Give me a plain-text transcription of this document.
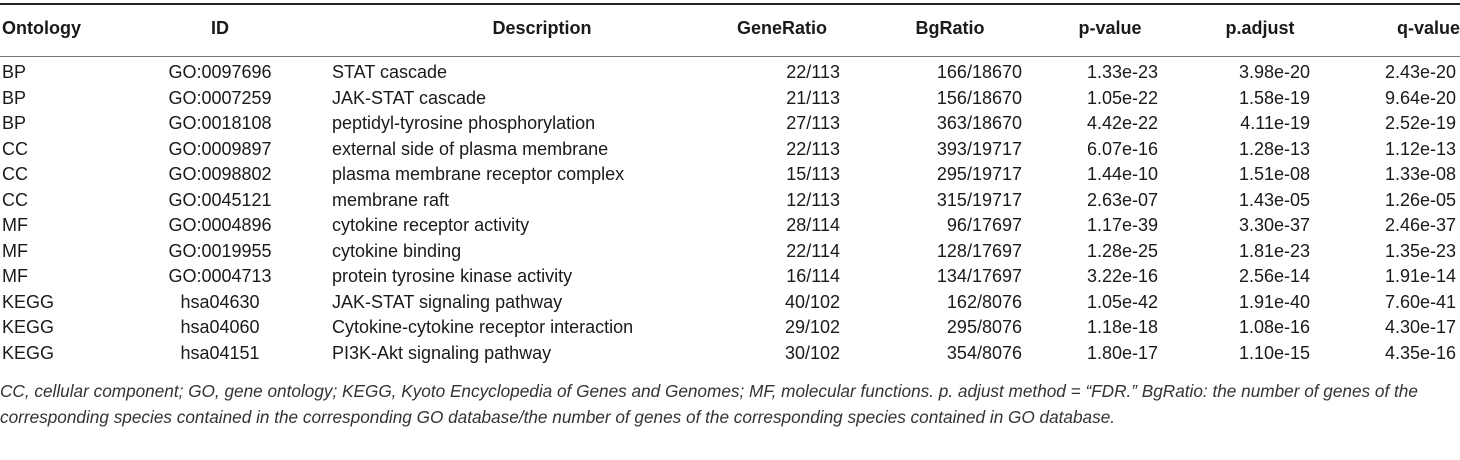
Ontology	ID	Description	GeneRatio	BgRatio	p-value	p.adjust	q-value
BP	GO:0097696	STAT cascade	22/113	166/18670	1.33e-23	3.98e-20	2.43e-20
BP	GO:0007259	JAK-STAT cascade	21/113	156/18670	1.05e-22	1.58e-19	9.64e-20
BP	GO:0018108	peptidyl-tyrosine phosphorylation	27/113	363/18670	4.42e-22	4.11e-19	2.52e-19
CC	GO:0009897	external side of plasma membrane	22/113	393/19717	6.07e-16	1.28e-13	1.12e-13
CC	GO:0098802	plasma membrane receptor complex	15/113	295/19717	1.44e-10	1.51e-08	1.33e-08
CC	GO:0045121	membrane raft	12/113	315/19717	2.63e-07	1.43e-05	1.26e-05
MF	GO:0004896	cytokine receptor activity	28/114	96/17697	1.17e-39	3.30e-37	2.46e-37
MF	GO:0019955	cytokine binding	22/114	128/17697	1.28e-25	1.81e-23	1.35e-23
MF	GO:0004713	protein tyrosine kinase activity	16/114	134/17697	3.22e-16	2.56e-14	1.91e-14
KEGG	hsa04630	JAK-STAT signaling pathway	40/102	162/8076	1.05e-42	1.91e-40	7.60e-41
KEGG	hsa04060	Cytokine-cytokine receptor interaction	29/102	295/8076	1.18e-18	1.08e-16	4.30e-17
KEGG	hsa04151	PI3K-Akt signaling pathway	30/102	354/8076	1.80e-17	1.10e-15	4.35e-16
CC, cellular component; GO, gene ontology; KEGG, Kyoto Encyclopedia of Genes and Genomes; MF, molecular functions. p. adjust method = “FDR.” BgRatio: the number of genes of the
corresponding species contained in the corresponding GO database/the number of genes of the corresponding species contained in GO database.
